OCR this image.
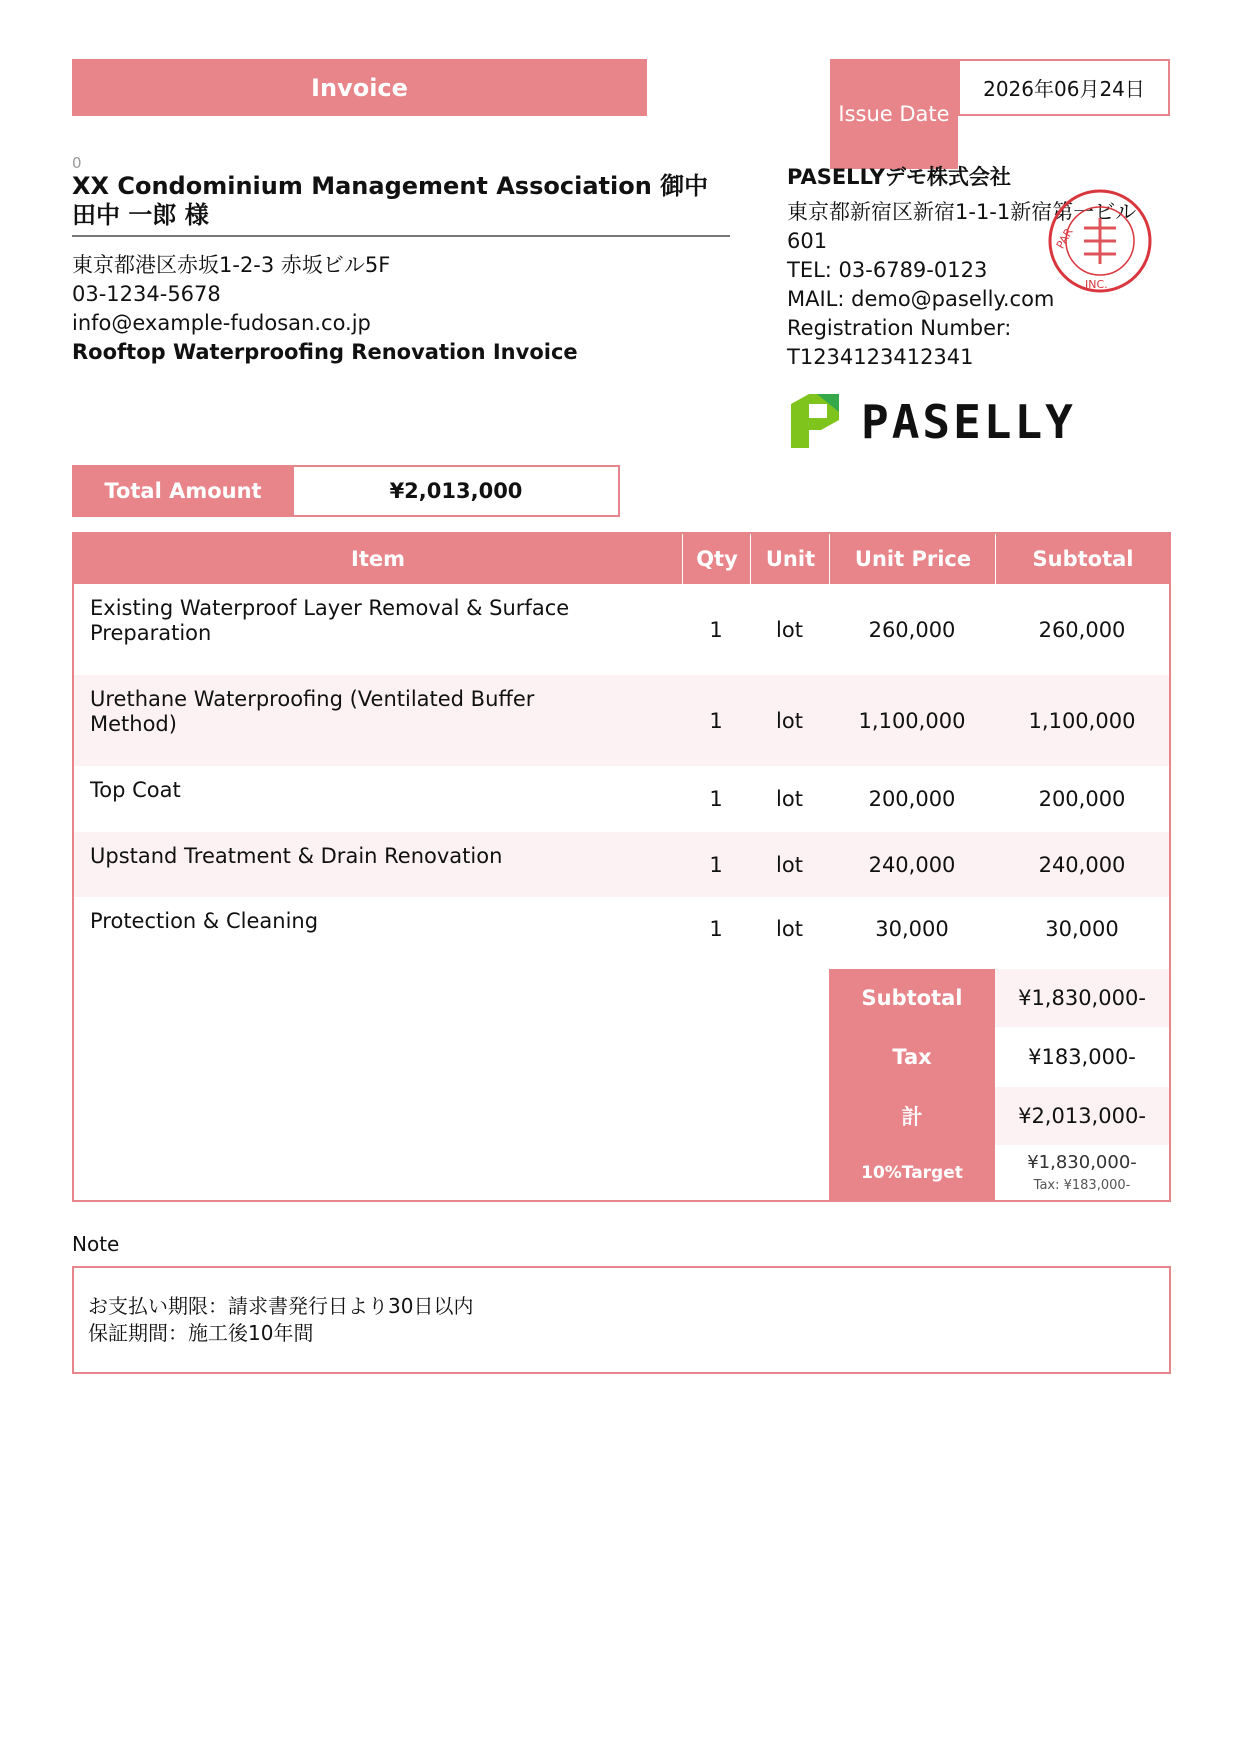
Invoice
Issue Date
2026年06月24日
0
XX Condominium Management Association 御中 田中 一郎 様
東京都港区赤坂1-2-3 赤坂ビル5F
03-1234-5678
info@example-fudosan.co.jp
Rooftop Waterproofing Renovation Invoice
PASELLYデモ株式会社
東京都新宿区新宿1-1-1新宿第一ビル 601
TEL: 03-6789-0123
MAIL: demo@paselly.com
Registration Number:
T1234123412341
PAR
INC.
PASELLY
Total Amount	¥2,013,000
Item	Qty	Unit	Unit Price	Subtotal
Existing Waterproof Layer Removal & Surface Preparation	1	lot	260,000	260,000
Urethane Waterproofing (Ventilated Buffer Method)	1	lot	1,100,000	1,100,000
Top Coat	1	lot	200,000	200,000
Upstand Treatment & Drain Renovation	1	lot	240,000	240,000
Protection & Cleaning	1	lot	30,000	30,000
Subtotal	¥1,830,000-
Tax	¥183,000-
計	¥2,013,000-
10%Target	¥1,830,000-
Tax: ¥183,000-
Note
お支払い期限：請求書発行日より30日以内
保証期間：施工後10年間
